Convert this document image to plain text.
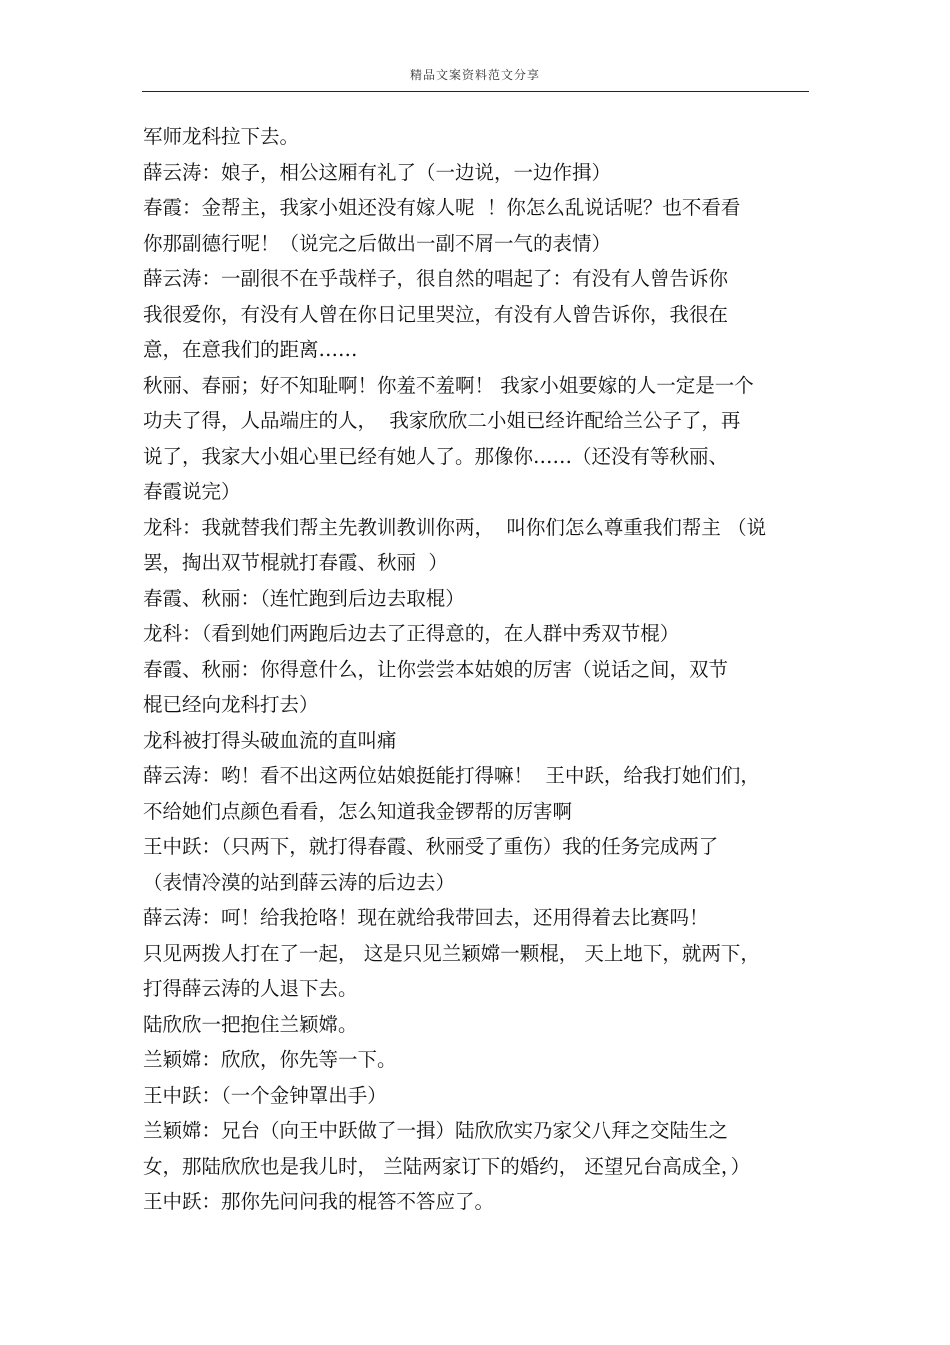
精品文案资料范文分享
军师龙科拉下去。
薛云涛：娘子，相公这厢有礼了（一边说，一边作揖）
春霞：金帮主，我家小姐还没有嫁人呢  ！你怎么乱说话呢？也不看看
你那副德行呢！（说完之后做出一副不屑一气的表情）
薛云涛：一副很不在乎哉样子，很自然的唱起了：有没有人曾告诉你
我很爱你，有没有人曾在你日记里哭泣，有没有人曾告诉你，我很在
意，在意我们的距离……
秋丽、春丽；好不知耻啊！你羞不羞啊！ 我家小姐要嫁的人一定是一个
功夫了得，人品端庄的人，  我家欣欣二小姐已经许配给兰公子了，再
说了，我家大小姐心里已经有她人了。那像你……（还没有等秋丽、
春霞说完）
龙科：我就替我们帮主先教训教训你两，  叫你们怎么尊重我们帮主 （说
罢，掏出双节棍就打春霞、秋丽  ）
春霞、秋丽：（连忙跑到后边去取棍）
龙科：（看到她们两跑后边去了正得意的，在人群中秀双节棍）
春霞、秋丽：你得意什么，让你尝尝本姑娘的厉害（说话之间，双节
棍已经向龙科打去）
龙科被打得头破血流的直叫痛
薛云涛：哟！看不出这两位姑娘挺能打得嘛！  王中跃，给我打她们们，
不给她们点颜色看看，怎么知道我金锣帮的厉害啊
王中跃：（只两下，就打得春霞、秋丽受了重伤）我的任务完成两了
（表情冷漠的站到薛云涛的后边去）
薛云涛：呵！给我抢咯！现在就给我带回去，还用得着去比赛吗！
只见两拨人打在了一起， 这是只见兰颖嫦一颗棍， 天上地下，就两下，
打得薛云涛的人退下去。
陆欣欣一把抱住兰颖嫦。
兰颖嫦：欣欣，你先等一下。
王中跃：（一个金钟罩出手）
兰颖嫦：兄台（向王中跃做了一揖）陆欣欣实乃家父八拜之交陆生之
女，那陆欣欣也是我儿时， 兰陆两家订下的婚约， 还望兄台高成全，）
王中跃：那你先问问我的棍答不答应了。
